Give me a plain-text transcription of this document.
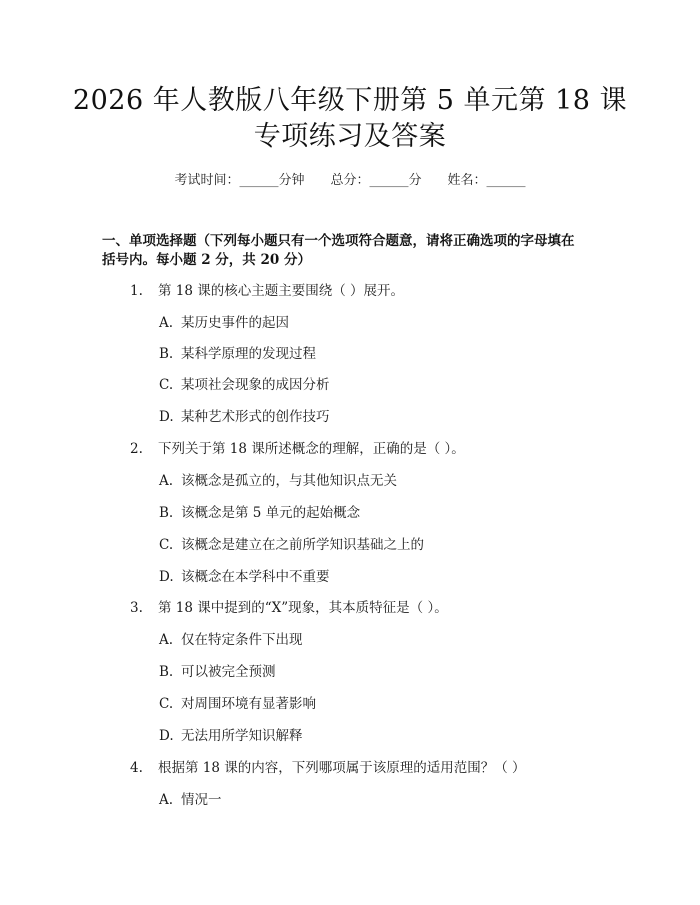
2026 年人教版八年级下册第 5 单元第 18 课
专项练习及答案
考试时间：______分钟 总分：______分 姓名：______
一、单项选择题（下列每小题只有一个选项符合题意，请将正确选项的字母填在
括号内。每小题 2 分，共 20 分）
1. 第 18 课的核心主题主要围绕（ ）展开。
A. 某历史事件的起因
B. 某科学原理的发现过程
C. 某项社会现象的成因分析
D. 某种艺术形式的创作技巧
2. 下列关于第 18 课所述概念的理解，正确的是（ ）。
A. 该概念是孤立的，与其他知识点无关
B. 该概念是第 5 单元的起始概念
C. 该概念是建立在之前所学知识基础之上的
D. 该概念在本学科中不重要
3. 第 18 课中提到的“X”现象，其本质特征是（ ）。
A. 仅在特定条件下出现
B. 可以被完全预测
C. 对周围环境有显著影响
D. 无法用所学知识解释
4. 根据第 18 课的内容，下列哪项属于该原理的适用范围？（ ）
A. 情况一
